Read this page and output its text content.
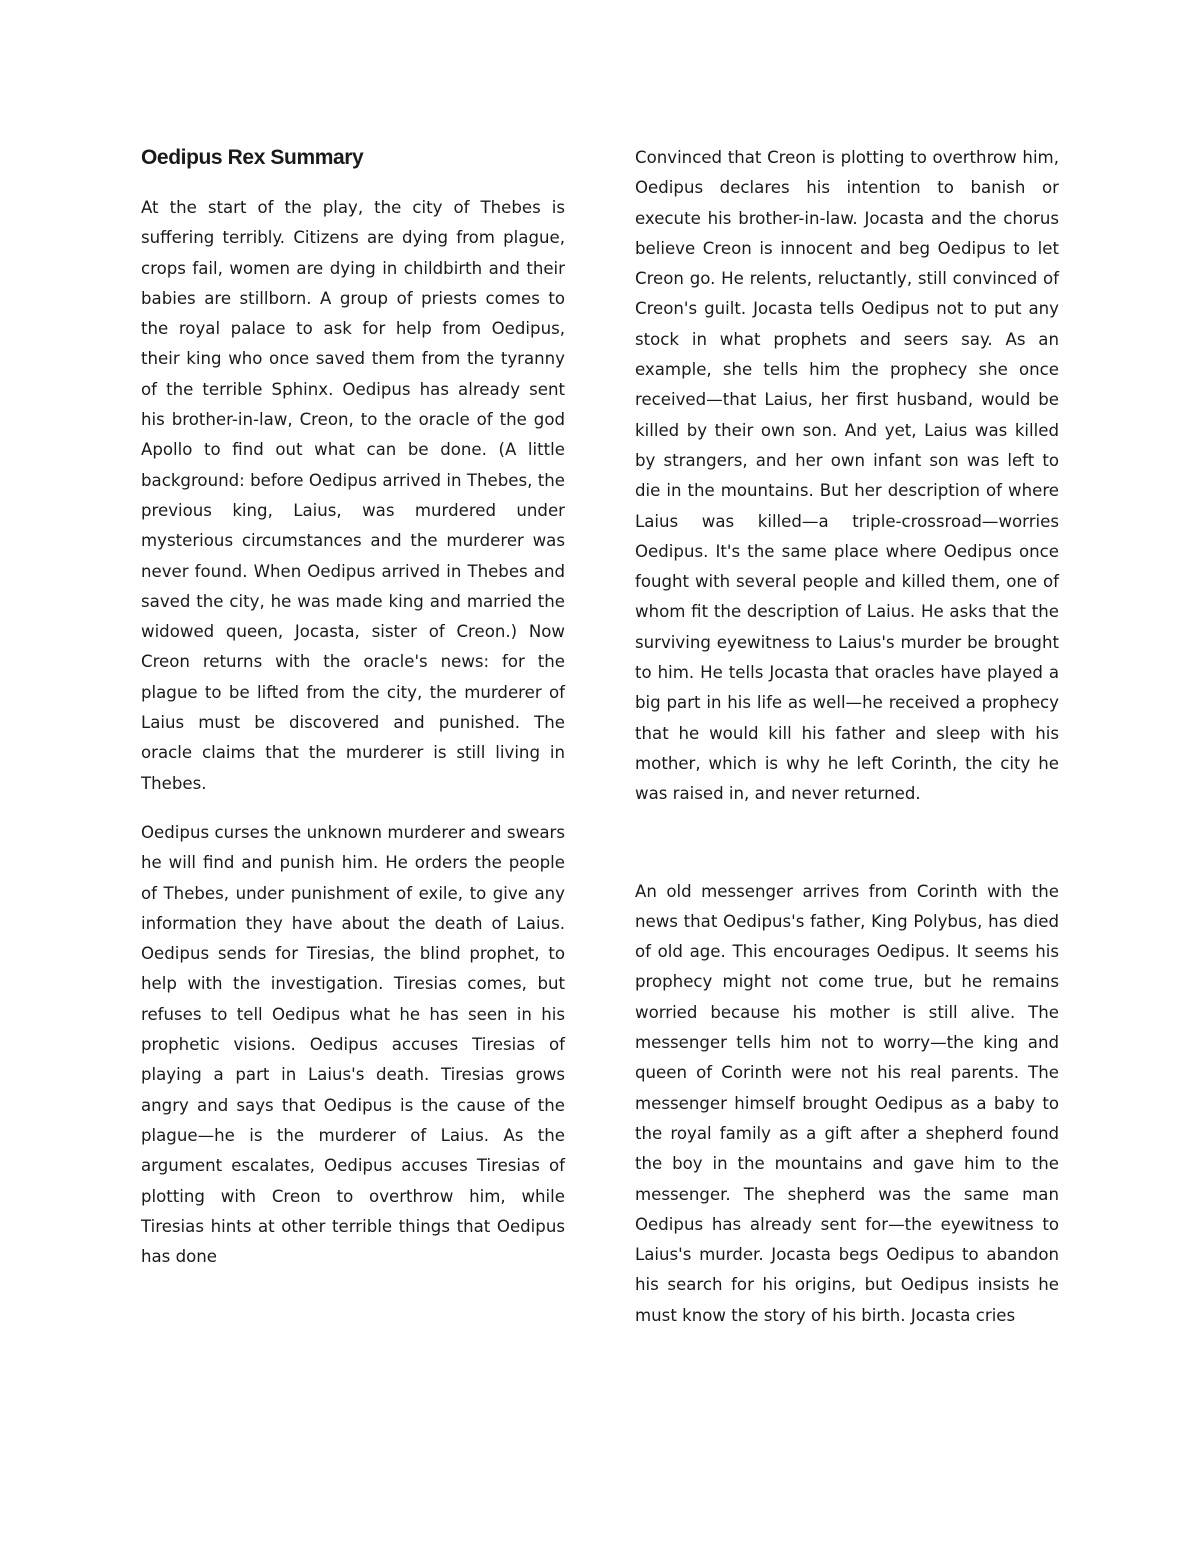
Oedipus Rex Summary

At the start of the play, the city of Thebes is suffering terribly. Citizens are dying from plague, crops fail, women are dying in childbirth and their babies are stillborn. A group of priests comes to the royal palace to ask for help from Oedipus, their king who once saved them from the tyranny of the terrible Sphinx. Oedipus has already sent his brother-in-law, Creon, to the oracle of the god Apollo to find out what can be done. (A little background: before Oedipus arrived in Thebes, the previous king, Laius, was murdered under mysterious circumstances and the murderer was never found. When Oedipus arrived in Thebes and saved the city, he was made king and married the widowed queen, Jocasta, sister of Creon.) Now Creon returns with the oracle's news: for the plague to be lifted from the city, the murderer of Laius must be discovered and punished. The oracle claims that the murderer is still living in Thebes.

Oedipus curses the unknown murderer and swears he will find and punish him. He orders the people of Thebes, under punishment of exile, to give any information they have about the death of Laius. Oedipus sends for Tiresias, the blind prophet, to help with the investigation. Tiresias comes, but refuses to tell Oedipus what he has seen in his prophetic visions. Oedipus accuses Tiresias of playing a part in Laius's death. Tiresias grows angry and says that Oedipus is the cause of the plague—he is the murderer of Laius. As the argument escalates, Oedipus accuses Tiresias of plotting with Creon to overthrow him, while Tiresias hints at other terrible things that Oedipus has done

Convinced that Creon is plotting to overthrow him, Oedipus declares his intention to banish or execute his brother-in-law. Jocasta and the chorus believe Creon is innocent and beg Oedipus to let Creon go. He relents, reluctantly, still convinced of Creon's guilt. Jocasta tells Oedipus not to put any stock in what prophets and seers say. As an example, she tells him the prophecy she once received—that Laius, her first husband, would be killed by their own son. And yet, Laius was killed by strangers, and her own infant son was left to die in the mountains. But her description of where Laius was killed—a triple-crossroad—worries Oedipus. It's the same place where Oedipus once fought with several people and killed them, one of whom fit the description of Laius. He asks that the surviving eyewitness to Laius's murder be brought to him. He tells Jocasta that oracles have played a big part in his life as well—he received a prophecy that he would kill his father and sleep with his mother, which is why he left Corinth, the city he was raised in, and never returned.

An old messenger arrives from Corinth with the news that Oedipus's father, King Polybus, has died of old age. This encourages Oedipus. It seems his prophecy might not come true, but he remains worried because his mother is still alive. The messenger tells him not to worry—the king and queen of Corinth were not his real parents. The messenger himself brought Oedipus as a baby to the royal family as a gift after a shepherd found the boy in the mountains and gave him to the messenger. The shepherd was the same man Oedipus has already sent for—the eyewitness to Laius's murder. Jocasta begs Oedipus to abandon his search for his origins, but Oedipus insists he must know the story of his birth. Jocasta cries
